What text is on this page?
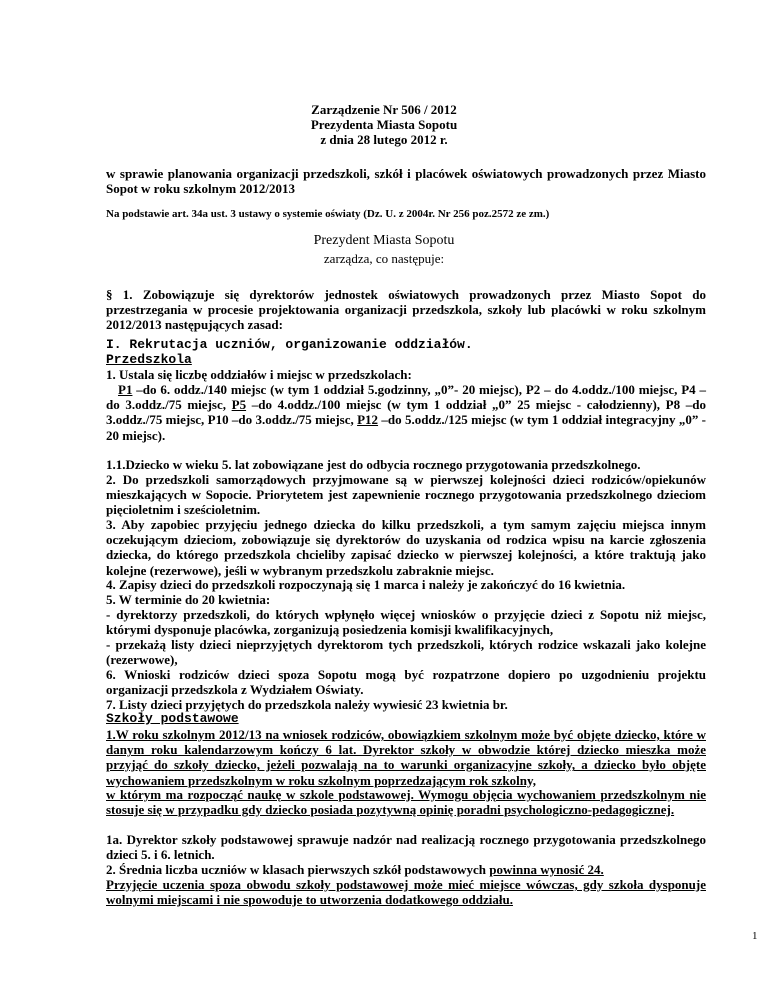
Zarządzenie Nr 506 / 2012
Prezydenta Miasta Sopotu
z dnia 28 lutego 2012 r.
w sprawie planowania organizacji przedszkoli, szkół i placówek oświatowych prowadzonych przez Miasto Sopot w roku szkolnym 2012/2013
Na podstawie art. 34a ust. 3 ustawy o systemie oświaty (Dz. U. z 2004r. Nr 256 poz.2572 ze zm.)
Prezydent Miasta Sopotu
zarządza, co następuje:
§ 1. Zobowiązuje się dyrektorów jednostek oświatowych prowadzonych przez Miasto Sopot do przestrzegania w procesie projektowania organizacji przedszkola, szkoły lub placówki w roku szkolnym 2012/2013 następujących zasad:
I. Rekrutacja uczniów, organizowanie oddziałów.
Przedszkola
1. Ustala się liczbę oddziałów i miejsc w przedszkolach:
P1 –do 6. oddz./140 miejsc (w tym 1 oddział 5.godzinny, „0”- 20 miejsc), P2 – do 4.oddz./100 miejsc, P4 – do 3.oddz./75 miejsc, P5 –do 4.oddz./100 miejsc (w tym 1 oddział „0” 25 miejsc - całodzienny), P8 –do 3.oddz./75 miejsc, P10 –do 3.oddz./75 miejsc, P12 –do 5.oddz./125 miejsc (w tym 1 oddział integracyjny „0” - 20 miejsc).
1.1.Dziecko w wieku 5. lat zobowiązane jest do odbycia rocznego przygotowania przedszkolnego.
2. Do przedszkoli samorządowych przyjmowane są w pierwszej kolejności dzieci rodziców/opiekunów mieszkających w Sopocie. Priorytetem jest zapewnienie rocznego przygotowania przedszkolnego dzieciom pięcioletnim i sześcioletnim.
3. Aby zapobiec przyjęciu jednego dziecka do kilku przedszkoli, a tym samym zajęciu miejsca innym oczekującym dzieciom, zobowiązuje się dyrektorów do uzyskania od rodzica wpisu na karcie zgłoszenia dziecka, do którego przedszkola chcieliby zapisać dziecko w pierwszej kolejności, a które traktują jako kolejne (rezerwowe), jeśli w wybranym przedszkolu zabraknie miejsc.
4. Zapisy dzieci do przedszkoli rozpoczynają się 1 marca i należy je zakończyć do 16 kwietnia.
5. W terminie do 20 kwietnia:
- dyrektorzy przedszkoli, do których wpłynęło więcej wniosków o przyjęcie dzieci z Sopotu niż miejsc, którymi dysponuje placówka, zorganizują posiedzenia komisji kwalifikacyjnych,
- przekażą listy dzieci nieprzyjętych dyrektorom tych przedszkoli, których rodzice wskazali jako kolejne (rezerwowe),
6. Wnioski rodziców dzieci spoza Sopotu mogą być rozpatrzone dopiero po uzgodnieniu projektu organizacji przedszkola z Wydziałem Oświaty.
7. Listy dzieci przyjętych do przedszkola należy wywiesić 23 kwietnia br.
Szkoły podstawowe
1.W roku szkolnym 2012/13 na wniosek rodziców, obowiązkiem szkolnym może być objęte dziecko, które w danym roku kalendarzowym kończy 6 lat. Dyrektor szkoły w obwodzie której dziecko mieszka może przyjąć do szkoły dziecko, jeżeli pozwalają na to warunki organizacyjne szkoły, a dziecko było objęte wychowaniem przedszkolnym w roku szkolnym poprzedzającym rok szkolny,
w którym ma rozpocząć naukę w szkole podstawowej. Wymogu objęcia wychowaniem przedszkolnym nie stosuje się w przypadku gdy dziecko posiada pozytywną opinię poradni psychologiczno-pedagogicznej.
1a. Dyrektor szkoły podstawowej sprawuje nadzór nad realizacją rocznego przygotowania przedszkolnego dzieci 5. i 6. letnich.
2. Średnia liczba uczniów w klasach pierwszych szkół podstawowych powinna wynosić 24.
Przyjęcie uczenia spoza obwodu szkoły podstawowej może mieć miejsce wówczas, gdy szkoła dysponuje wolnymi miejscami i nie spowoduje to utworzenia dodatkowego oddziału.
1
